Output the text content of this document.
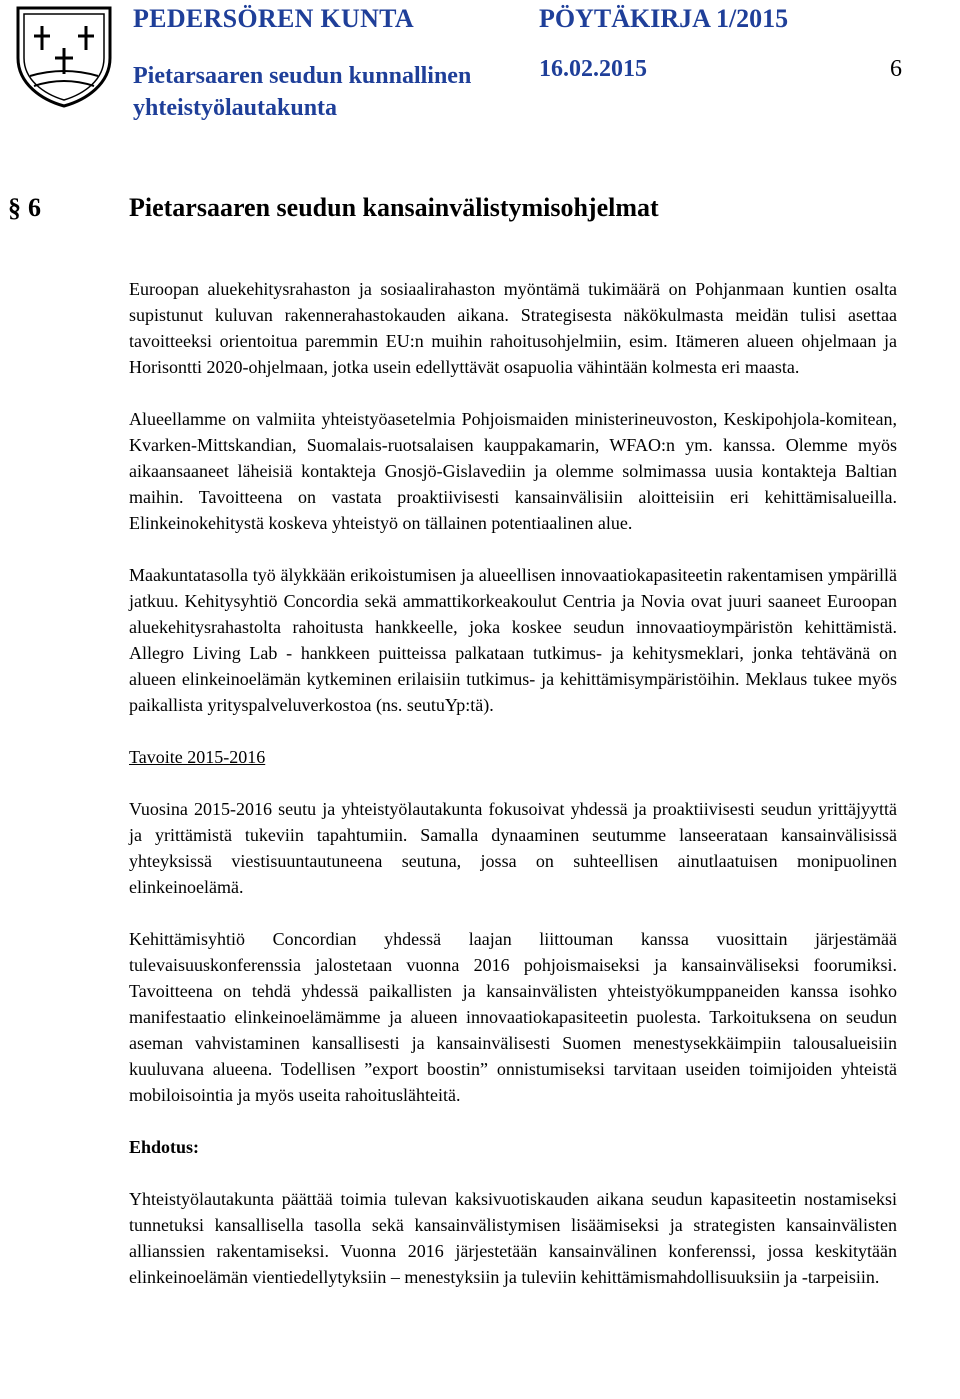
PEDERSÖREN KUNTA	PÖYTÄKIRJA 1/2015
Pietarsaaren seudun kunnallinen yhteistyölautakunta
16.02.2015	6
§ 6	Pietarsaaren seudun kansainvälistymisohjelmat

Euroopan aluekehitysrahaston ja sosiaalirahaston myöntämä tukimäärä on Pohjanmaan kuntien osalta supistunut kuluvan rakennerahastokauden aikana. Strategisesta näkökulmasta meidän tulisi asettaa tavoitteeksi orientoitua paremmin EU:n muihin rahoitusohjelmiin, esim. Itämeren alueen ohjelmaan ja Horisontti 2020-ohjelmaan, jotka usein edellyttävät osapuolia vähintään kolmesta eri maasta.

Alueellamme on valmiita yhteistyöasetelmia Pohjoismaiden ministerineuvoston, Keskipohjola-komitean, Kvarken-Mittskandian, Suomalais-ruotsalaisen kauppakamarin, WFAO:n ym. kanssa. Olemme myös aikaansaaneet läheisiä kontakteja Gnosjö-Gislavediin ja olemme solmimassa uusia kontakteja Baltian maihin. Tavoitteena on vastata proaktiivisesti kansainvälisiin aloitteisiin eri kehittämisalueilla. Elinkeinokehitystä koskeva yhteistyö on tällainen potentiaalinen alue.

Maakuntatasolla työ älykkään erikoistumisen ja alueellisen innovaatiokapasiteetin rakentamisen ympärillä jatkuu. Kehitysyhtiö Concordia sekä ammattikorkeakoulut Centria ja Novia ovat juuri saaneet Euroopan aluekehitysrahastolta rahoitusta hankkeelle, joka koskee seudun innovaatioympäristön kehittämistä. Allegro Living Lab - hankkeen puitteissa palkataan tutkimus- ja kehitysmeklari, jonka tehtävänä on alueen elinkeinoelämän kytkeminen erilaisiin tutkimus- ja kehittämisympäristöihin. Meklaus tukee myös paikallista yrityspalveluverkostoa (ns. seutuYp:tä).

Tavoite 2015-2016

Vuosina 2015-2016 seutu ja yhteistyölautakunta fokusoivat yhdessä ja proaktiivisesti seudun yrittäjyyttä ja yrittämistä tukeviin tapahtumiin. Samalla dynaaminen seutumme lanseerataan kansainvälisissä yhteyksissä viestisuuntautuneena seutuna, jossa on suhteellisen ainutlaatuisen monipuolinen elinkeinoelämä.

Kehittämisyhtiö Concordian yhdessä laajan liittouman kanssa vuosittain järjestämää tulevaisuuskonferenssia jalostetaan vuonna 2016 pohjoismaiseksi ja kansainväliseksi foorumiksi. Tavoitteena on tehdä yhdessä paikallisten ja kansainvälisten yhteistyökumppaneiden kanssa isohko manifestaatio elinkeinoelämämme ja alueen innovaatiokapasiteetin puolesta. Tarkoituksena on seudun aseman vahvistaminen kansallisesti ja kansainvälisesti Suomen menestysekkäimpiin talousalueisiin kuuluvana alueena. Todellisen ”export boostin” onnistumiseksi tarvitaan useiden toimijoiden yhteistä mobiloisointia ja myös useita rahoituslähteitä.

Ehdotus:

Yhteistyölautakunta päättää toimia tulevan kaksivuotiskauden aikana seudun kapasiteetin nostamiseksi tunnetuksi kansallisella tasolla sekä kansainvälistymisen lisäämiseksi ja strategisten kansainvälisten allianssien rakentamiseksi. Vuonna 2016 järjestetään kansainvälinen konferenssi, jossa keskitytään elinkeinoelämän vientiedellytyksiin – menestyksiin ja tuleviin kehittämismahdollisuuksiin ja -tarpeisiin.
